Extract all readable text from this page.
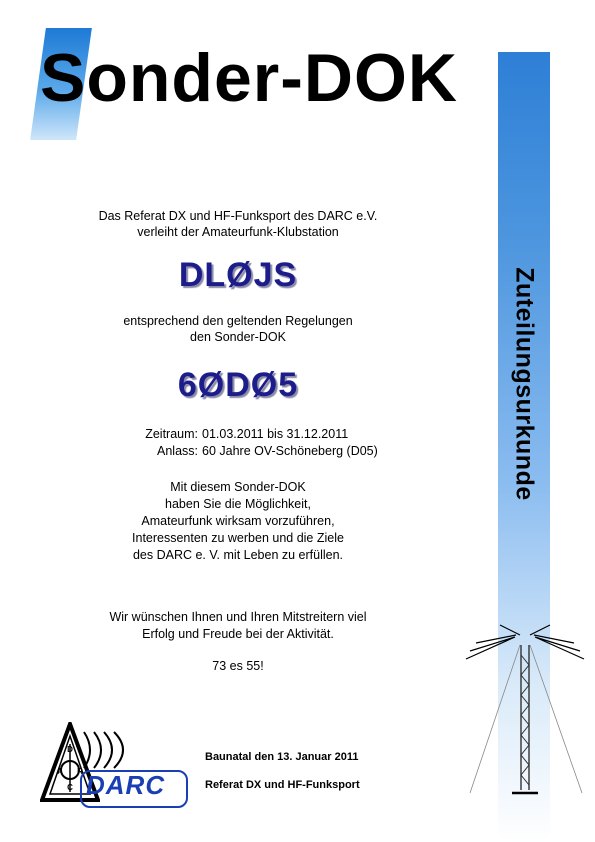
Sonder-DOK
Zuteilungsurkunde
Das Referat DX und HF-Funksport des DARC e.V.
verleiht der Amateurfunk-Klubstation
DLØJS
entsprechend den geltenden Regelungen
den Sonder-DOK
6ØDØ5
Zeitraum:
Anlass:
01.03.2011 bis 31.12.2011
60 Jahre OV-Schöneberg (D05)
Mit diesem Sonder-DOK
haben Sie die Möglichkeit,
Amateurfunk wirksam vorzuführen,
Interessenten zu werben und die Ziele
des DARC e. V. mit Leben zu erfüllen.
Wir wünschen Ihnen und Ihren Mitstreitern viel
Erfolg und Freude bei der Aktivität.
73 es 55!
D
A R
C DARC
Baunatal den 13. Januar 2011
Referat DX und HF-Funksport
